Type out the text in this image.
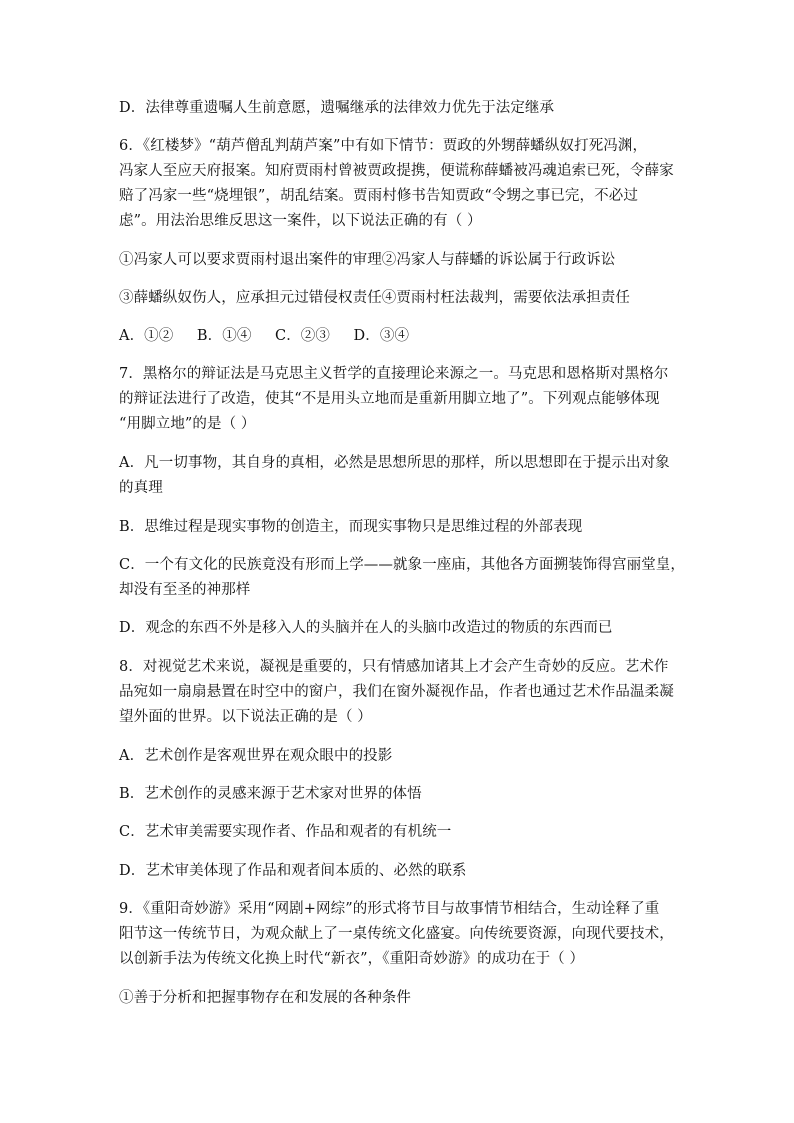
D．法律尊重遗嘱人生前意愿，遗嘱继承的法律效力优先于法定继承

6．《红楼梦》“葫芦僧乱判葫芦案”中有如下情节：贾政的外甥薛蟠纵奴打死冯渊，
冯家人至应天府报案。知府贾雨村曾被贾政提携，便谎称薛蟠被冯魂追索已死，令薛家
赔了冯家一些“烧埋银”，胡乱结案。贾雨村修书告知贾政“令甥之事已完，不必过
虑”。用法治思维反思这一案件，以下说法正确的有（ ）

①冯家人可以要求贾雨村退出案件的审理②冯家人与薛蟠的诉讼属于行政诉讼

③薛蟠纵奴伤人，应承担元过错侵权责任④贾雨村枉法裁判，需要依法承担责任

A．①②     B．①④     C．②③     D．③④

7．黑格尔的辩证法是马克思主义哲学的直接理论来源之一。马克思和恩格斯对黑格尔
的辩证法进行了改造，使其“不是用头立地而是重新用脚立地了”。下列观点能够体现
“用脚立地”的是（ ）
A．凡一切事物，其自身的真相，必然是思想所思的那样，所以思想即在于提示出对象
的真理

B．思维过程是现实事物的创造主，而现实事物只是思维过程的外部表现

C．一个有文化的民族竟没有形而上学——就象一座庙，其他各方面搠装饰得宫丽堂皇，
却没有至圣的神那样

D．观念的东西不外是移入人的头脑并在人的头脑巾改造过的物质的东西而已

8．对视觉艺术来说，凝视是重要的，只有情感加诸其上才会产生奇妙的反应。艺术作
品宛如一扇扇悬置在时空中的窗户，我们在窗外凝视作品，作者也通过艺术作品温柔凝
望外面的世界。以下说法正确的是（ ）

A．艺术创作是客观世界在观众眼中的投影

B．艺术创作的灵感来源于艺术家对世界的体悟

C．艺术审美需要实现作者、作品和观者的有机统一

D．艺术审美体现了作品和观者间本质的、必然的联系

9．《重阳奇妙游》采用“网剧+网综”的形式将节目与故事情节相结合，生动诠释了重
阳节这一传统节日，为观众献上了一桌传统文化盛宴。向传统要资源，向现代要技术，
以创新手法为传统文化换上时代“新衣”，《重阳奇妙游》的成功在于（ ）

①善于分析和把握事物存在和发展的各种条件
